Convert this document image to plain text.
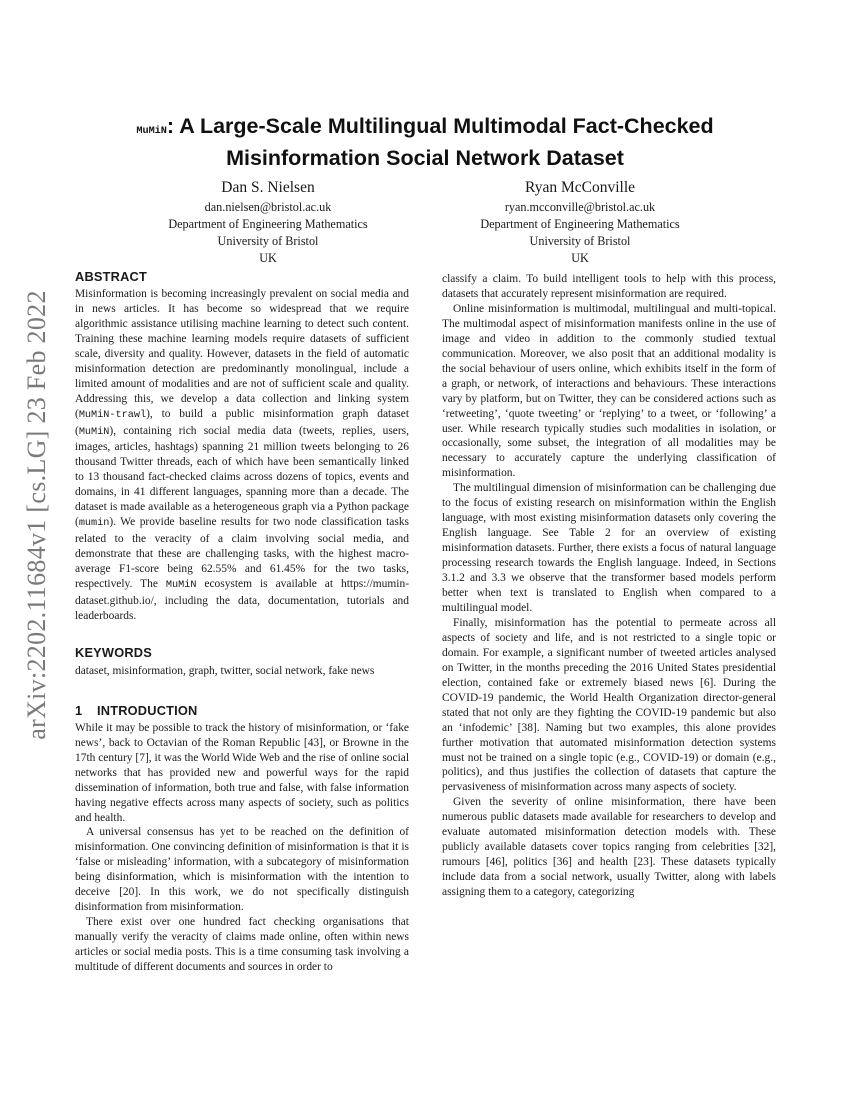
arXiv:2202.11684v1 [cs.LG] 23 Feb 2022
MuMiN: A Large-Scale Multilingual Multimodal Fact-Checked
Misinformation Social Network Dataset
Dan S. Nielsen
dan.nielsen@bristol.ac.uk
Department of Engineering Mathematics
University of Bristol
UK
Ryan McConville
ryan.mcconville@bristol.ac.uk
Department of Engineering Mathematics
University of Bristol
UK
ABSTRACT

Misinformation is becoming increasingly prevalent on social media and in news articles. It has become so widespread that we require algorithmic assistance utilising machine learning to detect such content. Training these machine learning models require datasets of sufficient scale, diversity and quality. However, datasets in the field of automatic misinformation detection are predominantly monolingual, include a limited amount of modalities and are not of sufficient scale and quality. Addressing this, we develop a data collection and linking system (MuMiN-trawl), to build a public misinformation graph dataset (MuMiN), containing rich social media data (tweets, replies, users, images, articles, hashtags) spanning 21 million tweets belonging to 26 thousand Twitter threads, each of which have been semantically linked to 13 thousand fact-checked claims across dozens of topics, events and domains, in 41 different languages, spanning more than a decade. The dataset is made available as a heterogeneous graph via a Python package (mumin). We provide baseline results for two node classification tasks related to the veracity of a claim involving social media, and demonstrate that these are challenging tasks, with the highest macro-average F1-score being 62.55% and 61.45% for the two tasks, respectively. The MuMiN ecosystem is available at https://mumin-dataset.github.io/, including the data, documentation, tutorials and leaderboards.

KEYWORDS

dataset, misinformation, graph, twitter, social network, fake news

1 INTRODUCTION

While it may be possible to track the history of misinformation, or ‘fake news’, back to Octavian of the Roman Republic [43], or Browne in the 17th century [7], it was the World Wide Web and the rise of online social networks that has provided new and powerful ways for the rapid dissemination of information, both true and false, with false information having negative effects across many aspects of society, such as politics and health.

A universal consensus has yet to be reached on the definition of misinformation. One convincing definition of misinformation is that it is ‘false or misleading’ information, with a subcategory of misinformation being disinformation, which is misinformation with the intention to deceive [20]. In this work, we do not specifically distinguish disinformation from misinformation.

There exist over one hundred fact checking organisations that manually verify the veracity of claims made online, often within news articles or social media posts. This is a time consuming task involving a multitude of different documents and sources in order to

classify a claim. To build intelligent tools to help with this process, datasets that accurately represent misinformation are required.

Online misinformation is multimodal, multilingual and multi-topical. The multimodal aspect of misinformation manifests online in the use of image and video in addition to the commonly studied textual communication. Moreover, we also posit that an additional modality is the social behaviour of users online, which exhibits itself in the form of a graph, or network, of interactions and behaviours. These interactions vary by platform, but on Twitter, they can be considered actions such as ‘retweeting’, ‘quote tweeting’ or ‘replying’ to a tweet, or ‘following’ a user. While research typically studies such modalities in isolation, or occasionally, some subset, the integration of all modalities may be necessary to accurately capture the underlying classification of misinformation.

The multilingual dimension of misinformation can be challenging due to the focus of existing research on misinformation within the English language, with most existing misinformation datasets only covering the English language. See Table 2 for an overview of existing misinformation datasets. Further, there exists a focus of natural language processing research towards the English language. Indeed, in Sections 3.1.2 and 3.3 we observe that the transformer based models perform better when text is translated to English when compared to a multilingual model.

Finally, misinformation has the potential to permeate across all aspects of society and life, and is not restricted to a single topic or domain. For example, a significant number of tweeted articles analysed on Twitter, in the months preceding the 2016 United States presidential election, contained fake or extremely biased news [6]. During the COVID-19 pandemic, the World Health Organization director-general stated that not only are they fighting the COVID-19 pandemic but also an ‘infodemic’ [38]. Naming but two examples, this alone provides further motivation that automated misinformation detection systems must not be trained on a single topic (e.g., COVID-19) or domain (e.g., politics), and thus justifies the collection of datasets that capture the pervasiveness of misinformation across many aspects of society.

Given the severity of online misinformation, there have been numerous public datasets made available for researchers to develop and evaluate automated misinformation detection models with. These publicly available datasets cover topics ranging from celebrities [32], rumours [46], politics [36] and health [23]. These datasets typically include data from a social network, usually Twitter, along with labels assigning them to a category, categorizing
